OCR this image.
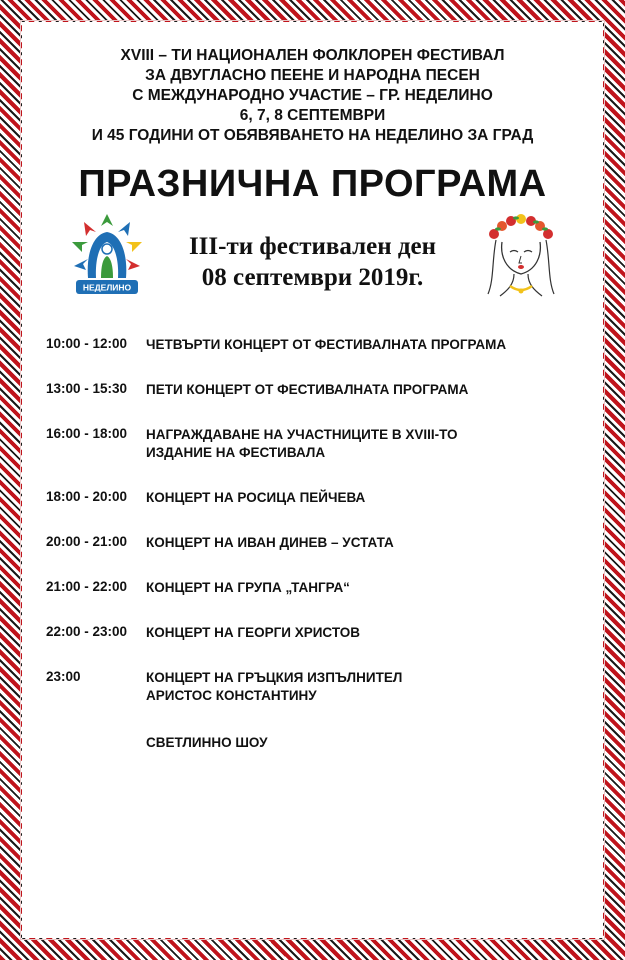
XVIII – ТИ НАЦИОНАЛЕН ФОЛКЛОРЕН ФЕСТИВАЛ
ЗА ДВУГЛАСНО ПЕЕНЕ И НАРОДНА ПЕСЕН
С МЕЖДУНАРОДНО УЧАСТИЕ – ГР. НЕДЕЛИНО
6, 7, 8 СЕПТЕМВРИ
И 45 ГОДИНИ ОТ ОБЯВЯВАНЕТО НА НЕДЕЛИНО ЗА ГРАД
ПРАЗНИЧНА ПРОГРАМА
НЕДЕЛИНО
III-ти фестивален ден
08 септември 2019г.
10:00 - 12:00 ЧЕТВЪРТИ КОНЦЕРТ ОТ ФЕСТИВАЛНАТА ПРОГРАМА
13:00 - 15:30 ПЕТИ КОНЦЕРТ ОТ ФЕСТИВАЛНАТА ПРОГРАМА
16:00 - 18:00 НАГРАЖДАВАНЕ НА УЧАСТНИЦИТЕ В XVIII-ТО
ИЗДАНИЕ НА ФЕСТИВАЛА
18:00 - 20:00 КОНЦЕРТ НА РОСИЦА ПЕЙЧЕВА
20:00 - 21:00 КОНЦЕРТ НА ИВАН ДИНЕВ – УСТАТА
21:00 - 22:00 КОНЦЕРТ НА ГРУПА „ТАНГРА“
22:00 - 23:00 КОНЦЕРТ НА ГЕОРГИ ХРИСТОВ
23:00	КОНЦЕРТ НА ГРЪЦКИЯ ИЗПЪЛНИТЕЛ
АРИСТОС КОНСТАНТИНУ
СВЕТЛИННО ШОУ
